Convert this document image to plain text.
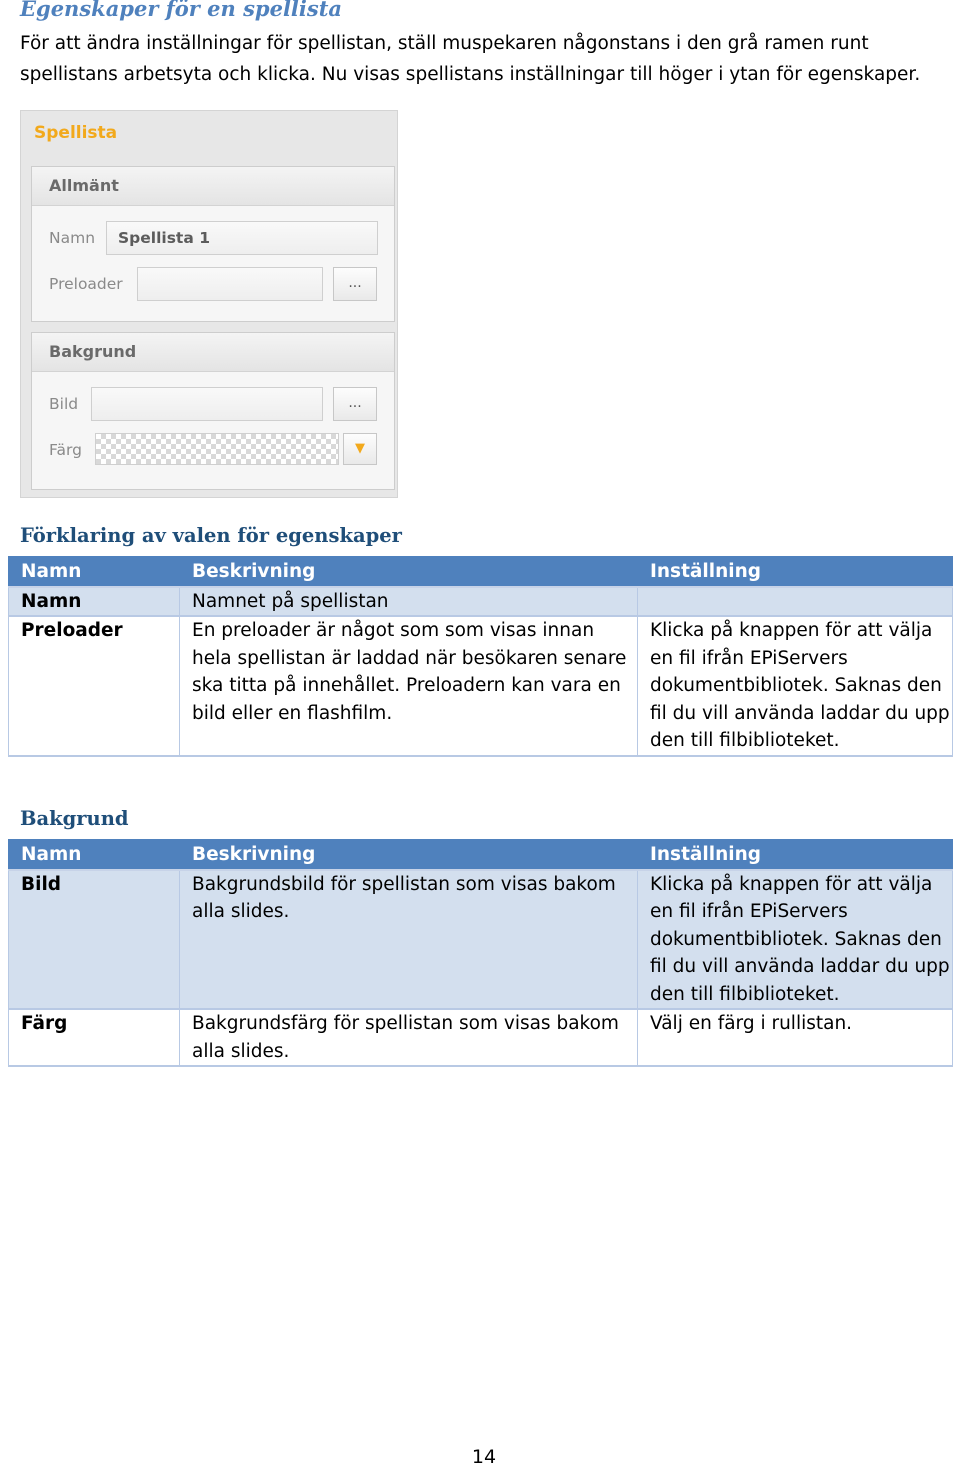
Egenskaper för en spellista

För att ändra inställningar för spellistan, ställ muspekaren någonstans i den grå ramen runt spellistans arbetsyta och klicka. Nu visas spellistans inställningar till höger i ytan för egenskaper.

Spellista
Allmänt
Namn	Spellista 1
Preloader	...
Bakgrund
Bild	...
Färg	▼
Förklaring av valen för egenskaper
Namn	Beskrivning	Inställning
Namn	Namnet på spellistan	
Preloader	En preloader är något som som visas innan hela spellistan är laddad när besökaren senare ska titta på innehållet. Preloadern kan vara en bild eller en flashfilm.	Klicka på knappen för att välja en fil ifrån EPiServers dokumentbibliotek. Saknas den fil du vill använda laddar du upp den till filbiblioteket.
Bakgrund
Namn	Beskrivning	Inställning
Bild	Bakgrundsbild för spellistan som visas bakom alla slides.	Klicka på knappen för att välja en fil ifrån EPiServers dokumentbibliotek. Saknas den fil du vill använda laddar du upp den till filbiblioteket.
Färg	Bakgrundsfärg för spellistan som visas bakom alla slides.	Välj en färg i rullistan.
14
